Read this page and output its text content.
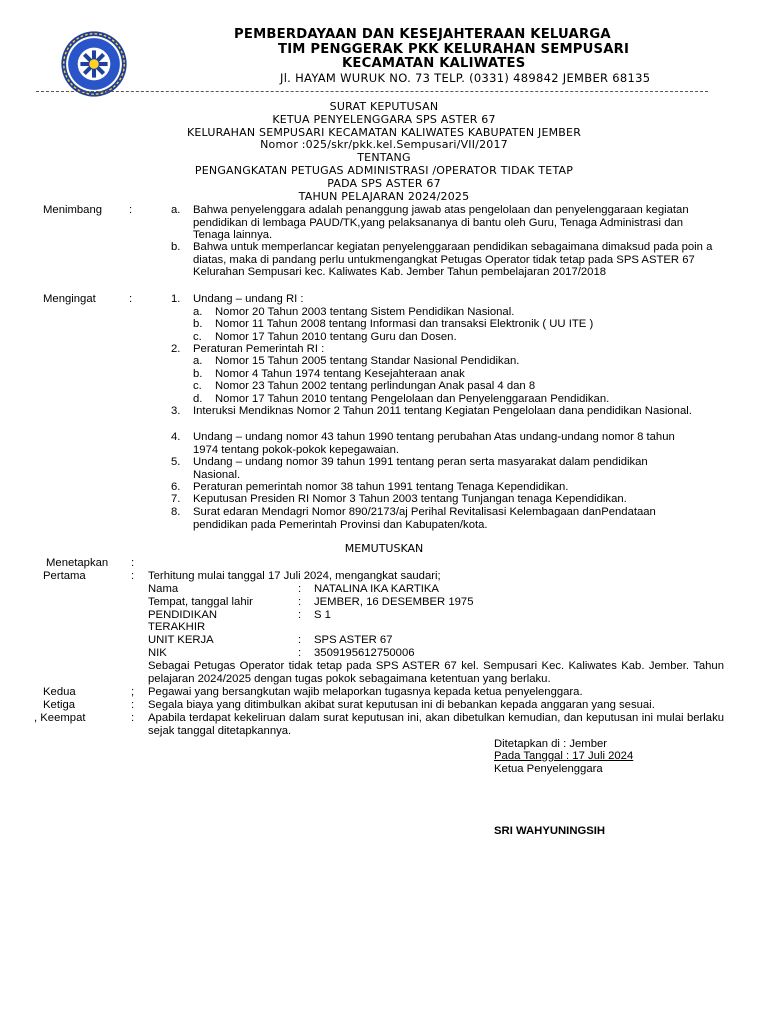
PEMBERDAYAAN DAN KESEJAHTERAAN KELUARGA
TIM PENGGERAK PKK KELURAHAN SEMPUSARI
KECAMATAN KALIWATES
Jl. HAYAM WURUK NO. 73 TELP. (0331) 489842 JEMBER 68135
SURAT KEPUTUSAN
KETUA PENYELENGGARA SPS ASTER 67
KELURAHAN SEMPUSARI KECAMATAN KALIWATES KABUPATEN JEMBER
Nomor :025/skr/pkk.kel.Sempusari/VII/2017
TENTANG
PENGANGKATAN PETUGAS ADMINISTRASI /OPERATOR TIDAK TETAP
PADA SPS ASTER 67
TAHUN PELAJARAN 2024/2025
Menimbang :	a. Bahwa penyelenggara adalah penanggung jawab atas pengelolaan dan penyelenggaraan kegiatan pendidikan di lembaga PAUD/TK,yang pelaksananya di bantu oleh Guru, Tenaga Administrasi dan Tenaga lainnya.
b. Bahwa untuk memperlancar kegiatan penyelenggaraan pendidikan sebagaimana dimaksud pada poin a diatas, maka di pandang perlu untukmengangkat Petugas Operator tidak tetap pada SPS ASTER 67 Kelurahan Sempusari kec. Kaliwates Kab. Jember Tahun pembelajaran 2017/2018
Mengingat	:	1. Undang – undang RI :
a. Nomor 20 Tahun 2003 tentang Sistem Pendidikan Nasional.
b. Nomor 11 Tahun 2008 tentang Informasi dan transaksi Elektronik ( UU ITE )
c. Nomor 17 Tahun 2010 tentang Guru dan Dosen.
2. Peraturan Pemerintah RI :
a. Nomor 15 Tahun 2005 tentang Standar Nasional Pendidikan.
b. Nomor 4 Tahun 1974 tentang Kesejahteraan anak
c. Nomor 23 Tahun 2002 tentang perlindungan Anak pasal 4 dan 8
d. Nomor 17 Tahun 2010 tentang Pengelolaan dan Penyelenggaraan Pendidikan.
3. Interuksi Mendiknas Nomor 2 Tahun 2011 tentang Kegiatan Pengelolaan dana pendidikan Nasional.
4. Undang – undang nomor 43 tahun 1990 tentang perubahan Atas undang-undang nomor 8 tahun 1974 tentang pokok-pokok kepegawaian.
5. Undang – undang nomor 39 tahun 1991 tentang peran serta masyarakat dalam pendidikan Nasional.
6. Peraturan pemerintah nomor 38 tahun 1991 tentang Tenaga Kependidikan.
7. Keputusan Presiden RI Nomor 3 Tahun 2003 tentang Tunjangan tenaga Kependidikan.
8. Surat edaran Mendagri Nomor 890/2173/aj Perihal Revitalisasi Kelembagaan danPendataan pendidikan pada Pemerintah Provinsi dan Kabupaten/kota.
MEMUTUSKAN
Menetapkan :
Pertama	: Terhitung mulai tanggal 17 Juli 2024, mengangkat saudari;
Nama	: NATALINA IKA KARTIKA
Tempat, tanggal lahir	: JEMBER, 16 DESEMBER 1975
PENDIDIKAN	: S 1
TERAKHIR
UNIT KERJA	: SPS ASTER 67
NIK	: 3509195612750006
Sebagai Petugas Operator tidak tetap pada SPS ASTER 67 kel. Sempusari Kec. Kaliwates Kab. Jember. Tahun pelajaran 2024/2025 dengan tugas pokok sebagaimana ketentuan yang berlaku.
Kedua	; Pegawai yang bersangkutan wajib melaporkan tugasnya kepada ketua penyelenggara.
Ketiga	: Segala biaya yang ditimbulkan akibat surat keputusan ini di bebankan kepada anggaran yang sesuai.
, Keempat	: Apabila terdapat kekeliruan dalam surat keputusan ini, akan dibetulkan kemudian, dan keputusan ini mulai berlaku sejak tanggal ditetapkannya.
Ditetapkan di : Jember
Pada Tanggal : 17 Juli 2024
Ketua Penyelenggara
SRI WAHYUNINGSIH
